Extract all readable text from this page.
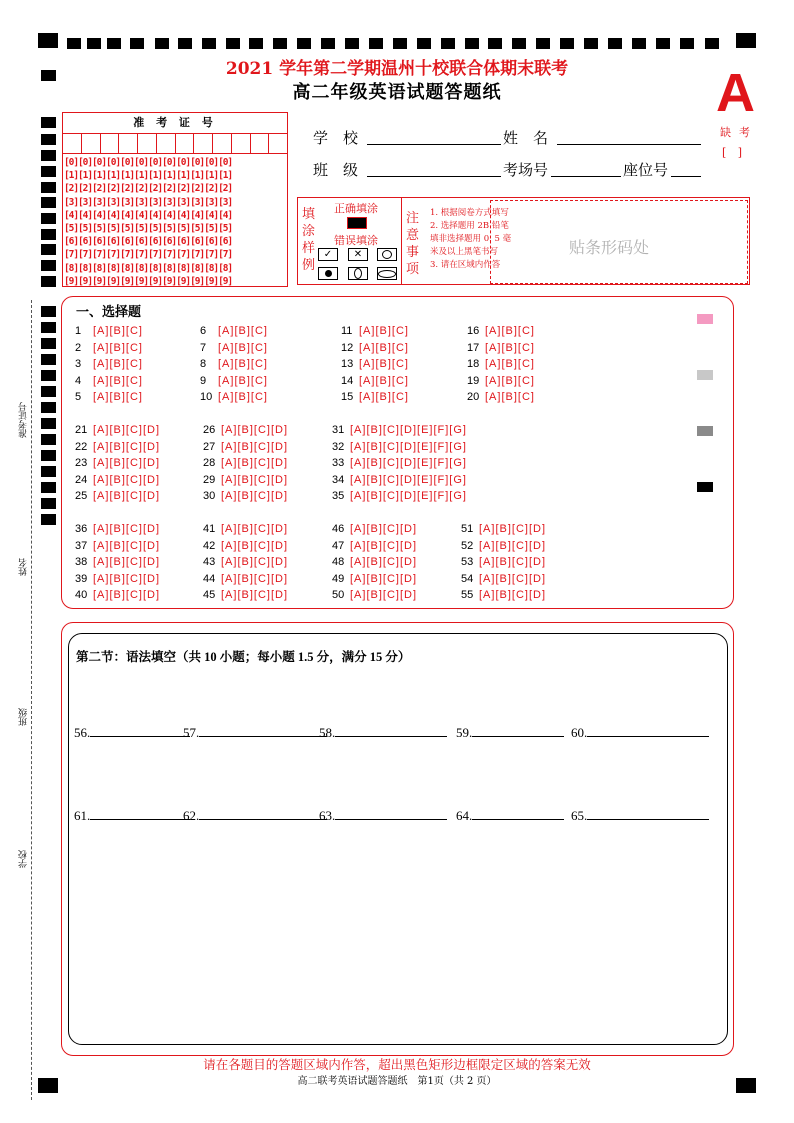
2021 学年第二学期温州十校联合体期末联考
高二年级英语试题答题纸	A
缺考
[ ]
准 考 证 号
[0][0][0][0][0][0][0][0][0][0][0][0]
[1][1][1][1][1][1][1][1][1][1][1][1]
[2][2][2][2][2][2][2][2][2][2][2][2]
[3][3][3][3][3][3][3][3][3][3][3][3]
[4][4][4][4][4][4][4][4][4][4][4][4]
[5][5][5][5][5][5][5][5][5][5][5][5]
[6][6][6][6][6][6][6][6][6][6][6][6]
[7][7][7][7][7][7][7][7][7][7][7][7]
[8][8][8][8][8][8][8][8][8][8][8][8]
[9][9][9][9][9][9][9][9][9][9][9][9]
学　校	姓　名
班　级	考场号	座位号
填涂样例
正确填涂
错误填涂
✓	✕
注意事项
1. 根据阅卷方式填写
2. 选择题用 2B 铅笔
填非选择题用 0. 5 毫
米及以上黑笔书写
3. 请在区域内作答
贴条形码处
准考证号
姓名
班级
学校
一、选择题
1 [A][B][C]
2 [A][B][C]
3 [A][B][C]
4 [A][B][C]
5 [A][B][C]
6 [A][B][C]
7 [A][B][C]
8 [A][B][C]
9 [A][B][C]
10 [A][B][C]
11 [A][B][C]
12 [A][B][C]
13 [A][B][C]
14 [A][B][C]
15 [A][B][C]
16 [A][B][C]
17 [A][B][C]
18 [A][B][C]
19 [A][B][C]
20 [A][B][C]
21 [A][B][C][D]
22 [A][B][C][D]
23 [A][B][C][D]
24 [A][B][C][D]
25 [A][B][C][D]
26 [A][B][C][D]
27 [A][B][C][D]
28 [A][B][C][D]
29 [A][B][C][D]
30 [A][B][C][D]
31 [A][B][C][D][E][F][G]
32 [A][B][C][D][E][F][G]
33 [A][B][C][D][E][F][G]
34 [A][B][C][D][E][F][G]
35 [A][B][C][D][E][F][G]
36 [A][B][C][D]
37 [A][B][C][D]
38 [A][B][C][D]
39 [A][B][C][D]
40 [A][B][C][D]
41 [A][B][C][D]
42 [A][B][C][D]
43 [A][B][C][D]
44 [A][B][C][D]
45 [A][B][C][D]
46 [A][B][C][D]
47 [A][B][C][D]
48 [A][B][C][D]
49 [A][B][C][D]
50 [A][B][C][D]
51 [A][B][C][D]
52 [A][B][C][D]
53 [A][B][C][D]
54 [A][B][C][D]
55 [A][B][C][D]
第二节：语法填空（共 10 小题；每小题 1.5 分，满分 15 分）
56.	57.	58.	59.	60.
61.	62.	63.	64.	65.
请在各题目的答题区域内作答，超出黑色矩形边框限定区域的答案无效
高二联考英语试题答题纸　第1页（共 2 页）
